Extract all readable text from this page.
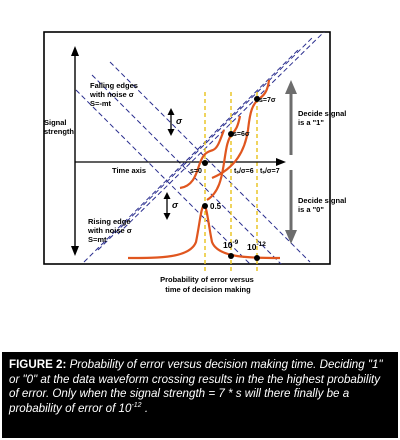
Signal strength
Falling edges with noise σ S=-mt
Time axis
Rising edge with noise σ S=mt
Decide signal is a "1"
Decide signal is a "0"
σ
σ
s=7σ
s=6σ
s=0	tₛ/σ=6 tₛ/σ=7
0.5
$10^{-9}$ $10^{-12}$
Probability of error versus time of decision making
FIGURE 2: Probability of error versus decision making time. Deciding "1" or "0" at the data waveform crossing results in the the highest probability of error. Only when the signal strength = 7 * s will there finally be a probability of error of $10^{-12}$ .
